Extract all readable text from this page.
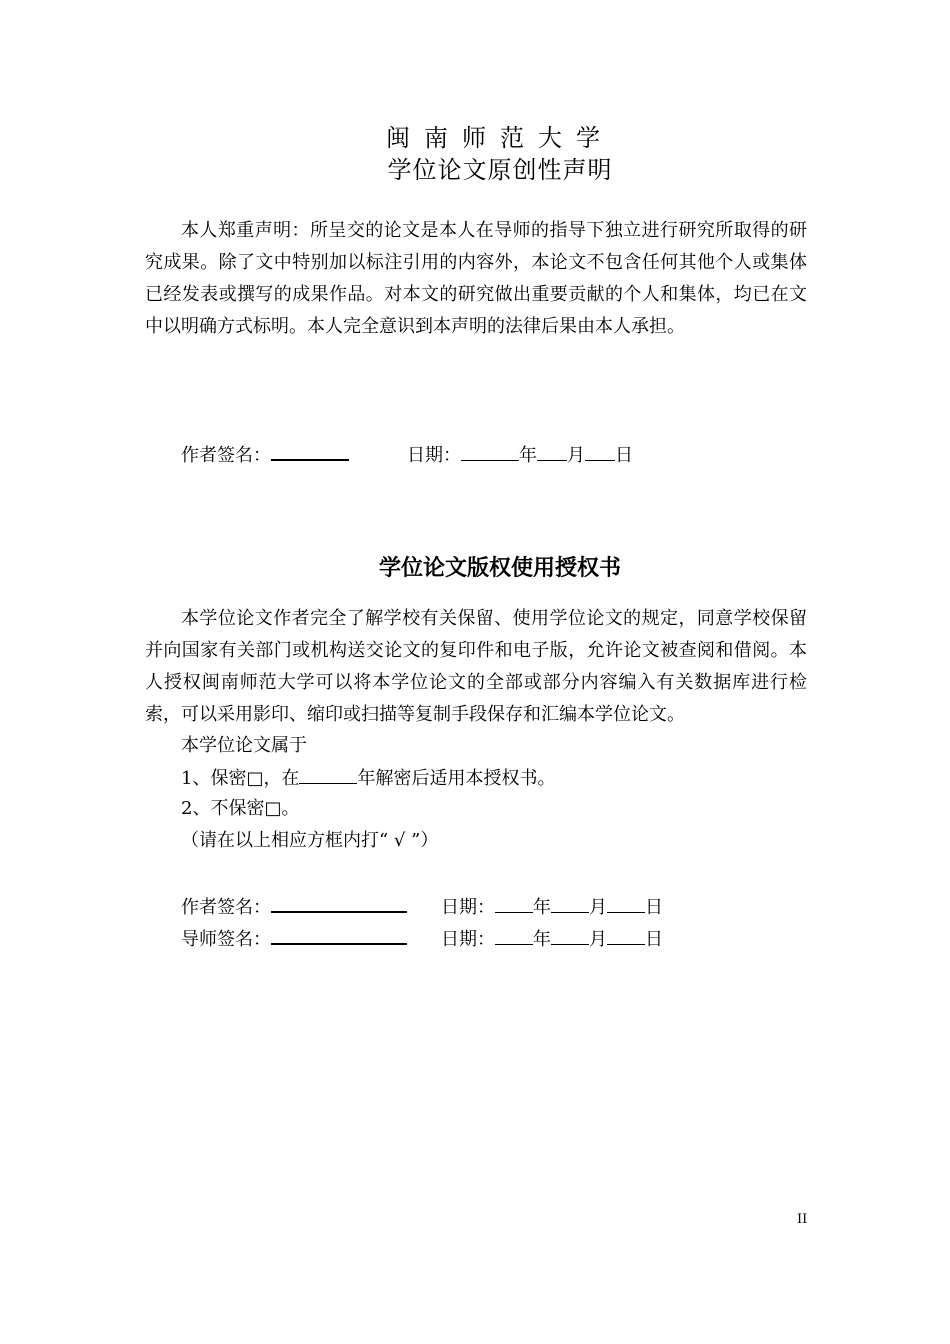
闽南师范大学
学位论文原创性声明
本人郑重声明：所呈交的论文是本人在导师的指导下独立进行研究所取得的研究成果。除了文中特别加以标注引用的内容外，本论文不包含任何其他个人或集体已经发表或撰写的成果作品。对本文的研究做出重要贡献的个人和集体，均已在文中以明确方式标明。本人完全意识到本声明的法律后果由本人承担。
作者签名：	日期：	年 月 日
学位论文版权使用授权书
本学位论文作者完全了解学校有关保留、使用学位论文的规定，同意学校保留并向国家有关部门或机构送交论文的复印件和电子版，允许论文被查阅和借阅。本人授权闽南师范大学可以将本学位论文的全部或部分内容编入有关数据库进行检索，可以采用影印、缩印或扫描等复制手段保存和汇编本学位论文。
本学位论文属于
1、保密□，在	年解密后适用本授权书。
2、不保密□。
（请在以上相应方框内打“ √ ”）
作者签名：	日期： 年 月 日
导师签名：	日期： 年 月 日
II
